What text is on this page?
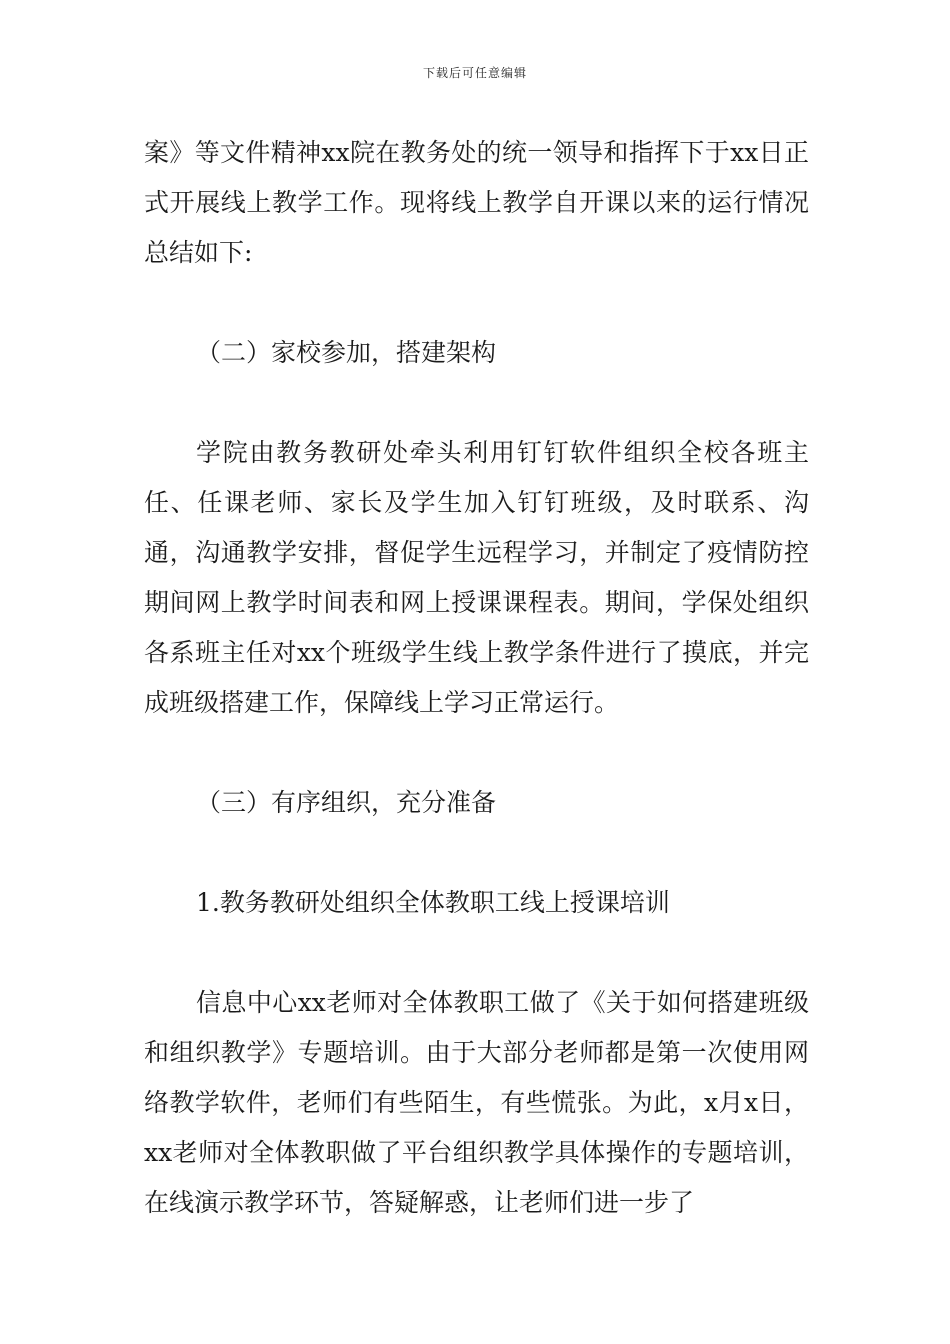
下载后可任意编辑

案》等文件精神xx院在教务处的统一领导和指挥下于xx日正式开展线上教学工作。现将线上教学自开课以来的运行情况总结如下:

（二）家校参加，搭建架构

学院由教务教研处牵头利用钉钉软件组织全校各班主任、任课老师、家长及学生加入钉钉班级，及时联系、沟通，沟通教学安排，督促学生远程学习，并制定了疫情防控期间网上教学时间表和网上授课课程表。期间，学保处组织各系班主任对xx个班级学生线上教学条件进行了摸底，并完成班级搭建工作，保障线上学习正常运行。

（三）有序组织，充分准备

1.教务教研处组织全体教职工线上授课培训

信息中心xx老师对全体教职工做了《关于如何搭建班级和组织教学》专题培训。由于大部分老师都是第一次使用网络教学软件，老师们有些陌生，有些慌张。为此，x月x日，xx老师对全体教职做了平台组织教学具体操作的专题培训，在线演示教学环节，答疑解惑，让老师们进一步了
